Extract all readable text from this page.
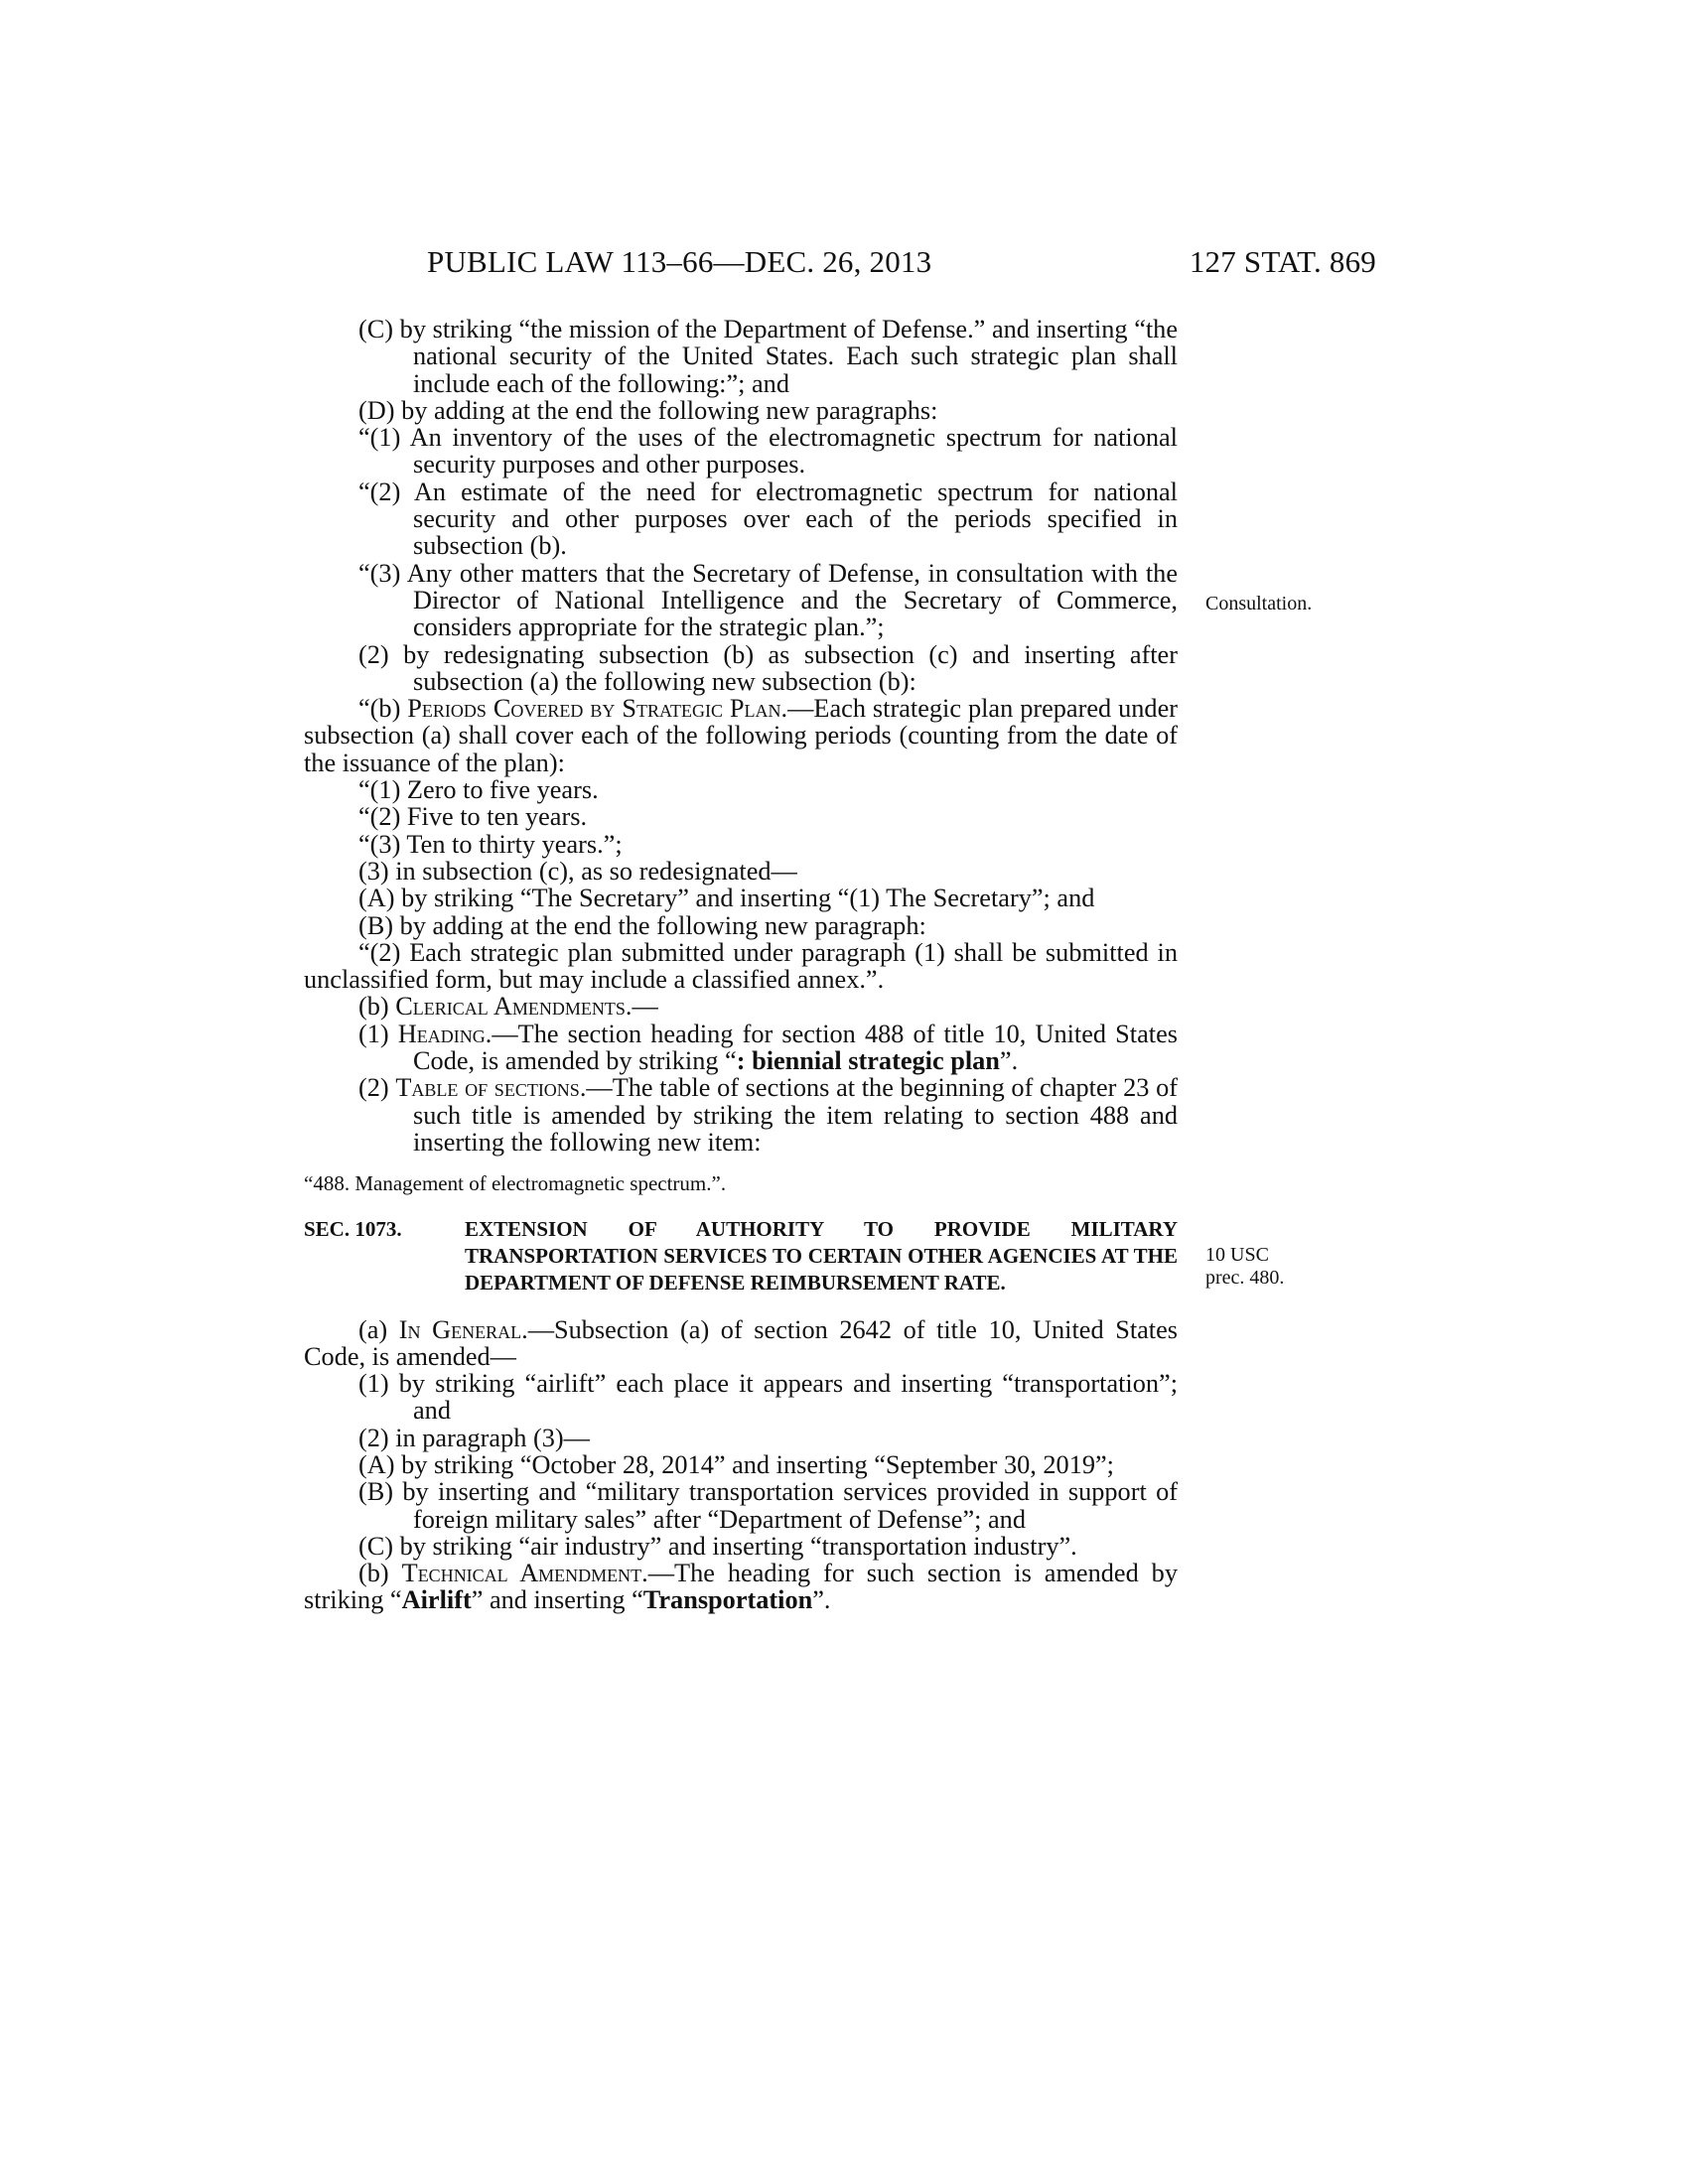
PUBLIC LAW 113–66—DEC. 26, 2013	127 STAT. 869
Consultation.
10 USC
prec. 480.

(C) by striking “the mission of the Department of Defense.” and inserting “the national security of the United States. Each such strategic plan shall include each of the following:”; and

(D) by adding at the end the following new paragraphs:

“(1) An inventory of the uses of the electromagnetic spectrum for national security purposes and other purposes.

“(2) An estimate of the need for electromagnetic spectrum for national security and other purposes over each of the periods specified in subsection (b).

“(3) Any other matters that the Secretary of Defense, in consultation with the Director of National Intelligence and the Secretary of Commerce, considers appropriate for the strategic plan.”;

(2) by redesignating subsection (b) as subsection (c) and inserting after subsection (a) the following new subsection (b):

“(b) Periods Covered by Strategic Plan.—Each strategic plan prepared under subsection (a) shall cover each of the following periods (counting from the date of the issuance of the plan):

“(1) Zero to five years.

“(2) Five to ten years.

“(3) Ten to thirty years.”;

(3) in subsection (c), as so redesignated—

(A) by striking “The Secretary” and inserting “(1) The Secretary”; and

(B) by adding at the end the following new paragraph:

“(2) Each strategic plan submitted under paragraph (1) shall be submitted in unclassified form, but may include a classified annex.”.

(b) Clerical Amendments.—

(1) Heading.—The section heading for section 488 of title 10, United States Code, is amended by striking “: biennial strategic plan”.

(2) Table of sections.—The table of sections at the beginning of chapter 23 of such title is amended by striking the item relating to section 488 and inserting the following new item:

“488. Management of electromagnetic spectrum.”.

SEC. 1073.	EXTENSION OF AUTHORITY TO PROVIDE MILITARY TRANSPORTATION SERVICES TO CERTAIN OTHER AGENCIES AT THE DEPARTMENT OF DEFENSE REIMBURSEMENT RATE.

(a) In General.—Subsection (a) of section 2642 of title 10, United States Code, is amended—

(1) by striking “airlift” each place it appears and inserting “transportation”; and

(2) in paragraph (3)—

(A) by striking “October 28, 2014” and inserting “September 30, 2019”;

(B) by inserting and “military transportation services provided in support of foreign military sales” after “Department of Defense”; and

(C) by striking “air industry” and inserting “transportation industry”.

(b) Technical Amendment.—The heading for such section is amended by striking “Airlift” and inserting “Transportation”.
